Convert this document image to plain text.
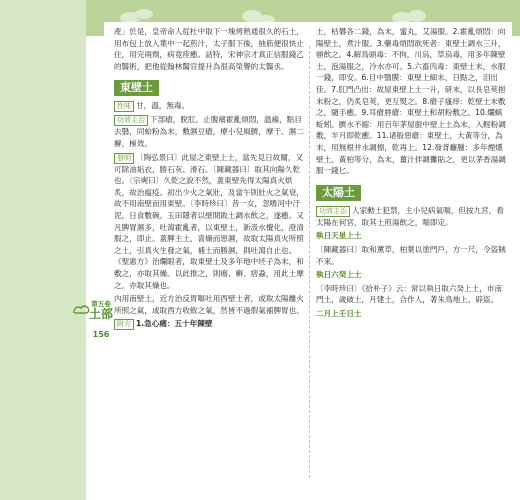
第五卷
土部
156

產」於是，皇帝命人從杜中取下一塊烤熟通很久的石土，用布包上放入葉中一起煎汁，太子服下後，抽筋便很快止住，用完兩劑，病竟痊癒。話特，宋神宗才真正信服錢乙的醫術，把他從翰林醫官提升為很高榮譽的太醫丞。

東壁土

性味 甘，溫，無毒。

功效主治 下部瘡，脫肛。止腹痛霍亂煩悶，溫瘧，點目去翳，同蛤粉為末，敷濕豆瘡，療小兒風臍，摩干、濕二癬，極效。

發明 〔陶弘景曰〕此屋之東壁上土，當先見日故爾，又可除油垢衣，勝石灰、滑石。〔陳藏器曰〕取其向陽久乾也。〔宗奭曰〕久乾之說不然，蓋東壁先得太陽真火烘炙，故治瘟疫。初出少火之氣壯，及當午則壯火之氣衰，故不用南壁而用東壁。〔李時珍曰〕昔一女，忽嗜河中汙泥，日食數碗。玉田隱者以壁間敗土調水飲之，遂癒。又凡脾胃濕多，吐瀉霍亂者，以東壁土，新汲水攪化，澄清服之，即止。蓋脾主土，喜燥而惡濕，故取太陽真火所照之土，引真火生發之氣，補土而勝濕，則吐瀉自止也。《聖惠方》治爛眼者，取東壁土及多年地中坯子為末，和敷之，亦取其燥。以此推之，則瘍、癬、痞蝨，用此土摩之，亦取其燥也。

內用南壁土，近方治反胃嘔吐用西壁土者，或取太陽離火所照之氣，或取西方收斂之氣，然皆不過假氣補脾胃也。

附方 1.急心痛：五十年陳壁

土，枯礬各二錢，為末，蜜丸，艾湯服。2.霍亂煩悶：向陽壁土，煮汁服。3.藥毒煩悶欲死者：東壁土調水三升，頓飲之。4.解鳥頭毒：不拘，川烏，草烏毒，用多年陳壁土，泡湯服之，冷水亦可。5.六畜肉毒：東壁土末，水服一錢，即安。6.目中翳膜：東壁上細末，日點之，泪出佳。7.肛門凸出：故屋東壁上土一升，研末，以長皂莢挹末粉之，仍炙皂莢，更互熨之。8.瘡子瘙痒：乾壁土末敷之，隨手癒。9.耳瘡唇瘡：東壁土和胡粉敷之。10.爛蜞蚯蚓。臍水不縮：用百年茅屋廚中壁上土為末，入輕粉調敷，半月即乾癒。11.诸般惡瘡：東壁土，大黃等分，為末，用無根井水調擦，乾再上。12.發背癰腫：多年煙燻壁土、黃柏等分，為末，薑汁拌調攤貼之，更以茅香湯調服一錢匕。

太陽土

功效主治 人家動土犯禁，主小兒病氣喘，但按九宮，看太陽在何宮，取其土煎湯飲之，喘即定。

執日天星上土

〔陳藏器曰〕取和薰草，柏葉以塗門戶，方一尺，令盜賊不來。

執日六癸上土

〔李時珍曰〕《拾朴子》云：常以執日取六癸上土，市南門土，歲破土，月建土，合作人，著朱鳥地上，辟盜。

二月上壬日土
